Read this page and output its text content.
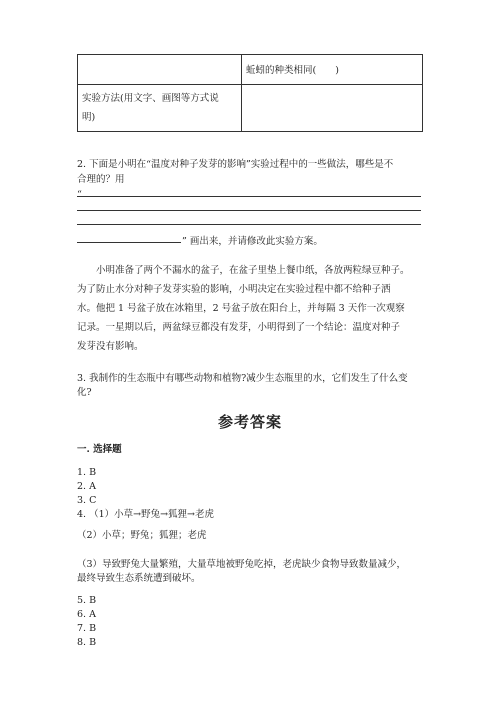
	蚯蚓的种类相同(　　)

实验方法(用文字、画图等方式说
明)	

2. 下面是小明在“温度对种子发芽的影响”实验过程中的一些做法，哪些是不
合理的？用
“
” 画出来，并请修改此实验方案。
小明准备了两个不漏水的盆子，在盆子里垫上餐巾纸，各放两粒绿豆种子。
为了防止水分对种子发芽实验的影响，小明决定在实验过程中都不给种子洒
水。他把 1 号盆子放在冰箱里，2 号盆子放在阳台上，并每隔 3 天作一次观察
记录。一星期以后，两盆绿豆都没有发芽，小明得到了一个结论：温度对种子
发芽没有影响。
3. 我制作的生态瓶中有哪些动物和植物?减少生态瓶里的水，它们发生了什么变
化?
参考答案
一. 选择题
1. B
2. A
3. C
4. （1）小草→野兔→狐狸→老虎
（2）小草；野兔；狐狸；老虎
（3）导致野兔大量繁殖，大量草地被野兔吃掉，老虎缺少食物导致数量减少，
最终导致生态系统遭到破坏。
5. B
6. A
7. B
8. B
